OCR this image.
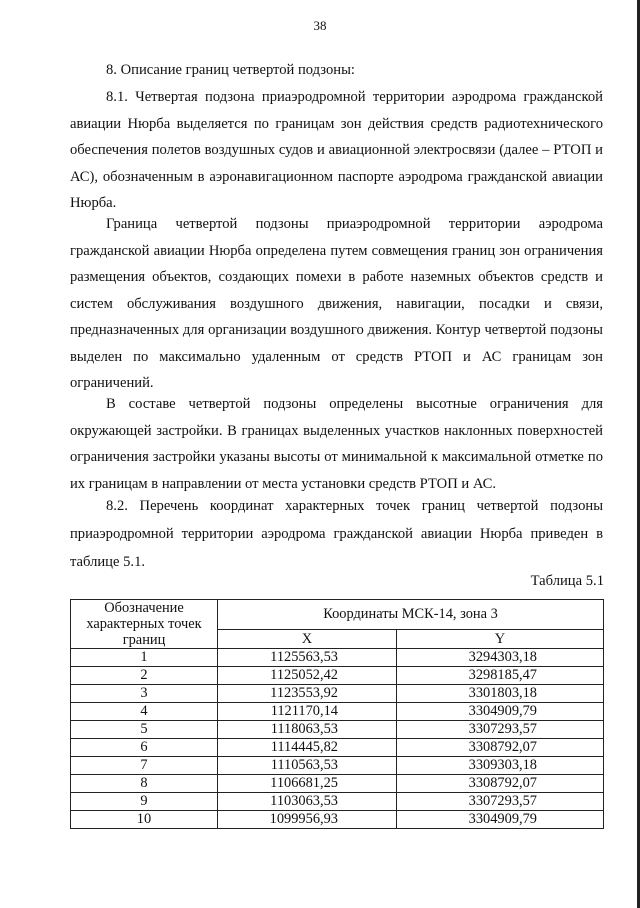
38
8. Описание границ четвертой подзоны:
8.1. Четвертая подзона приаэродромной территории аэродрома гражданской авиации Нюрба выделяется по границам зон действия средств радиотехнического обеспечения полетов воздушных судов и авиационной электросвязи (далее – РТОП и АС), обозначенным в аэронавигационном паспорте аэродрома гражданской авиации Нюрба.
Граница четвертой подзоны приаэродромной территории аэродрома гражданской авиации Нюрба определена путем совмещения границ зон ограничения размещения объектов, создающих помехи в работе наземных объектов средств и систем обслуживания воздушного движения, навигации, посадки и связи, предназначенных для организации воздушного движения. Контур четвертой подзоны выделен по максимально удаленным от средств РТОП и АС границам зон ограничений.
В составе четвертой подзоны определены высотные ограничения для окружающей застройки. В границах выделенных участков наклонных поверхностей ограничения застройки указаны высоты от минимальной к максимальной отметке по их границам в направлении от места установки средств РТОП и АС.
8.2. Перечень координат характерных точек границ четвертой подзоны приаэродромной территории аэродрома гражданской авиации Нюрба приведен в таблице 5.1.
Таблица 5.1
Обозначение характерных точек границ	Координаты МСК-14, зона 3	
	X	Y
1	1125563,53	3294303,18
2	1125052,42	3298185,47
3	1123553,92	3301803,18
4	1121170,14	3304909,79
5	1118063,53	3307293,57
6	1114445,82	3308792,07
7	1110563,53	3309303,18
8	1106681,25	3308792,07
9	1103063,53	3307293,57
10	1099956,93	3304909,79
